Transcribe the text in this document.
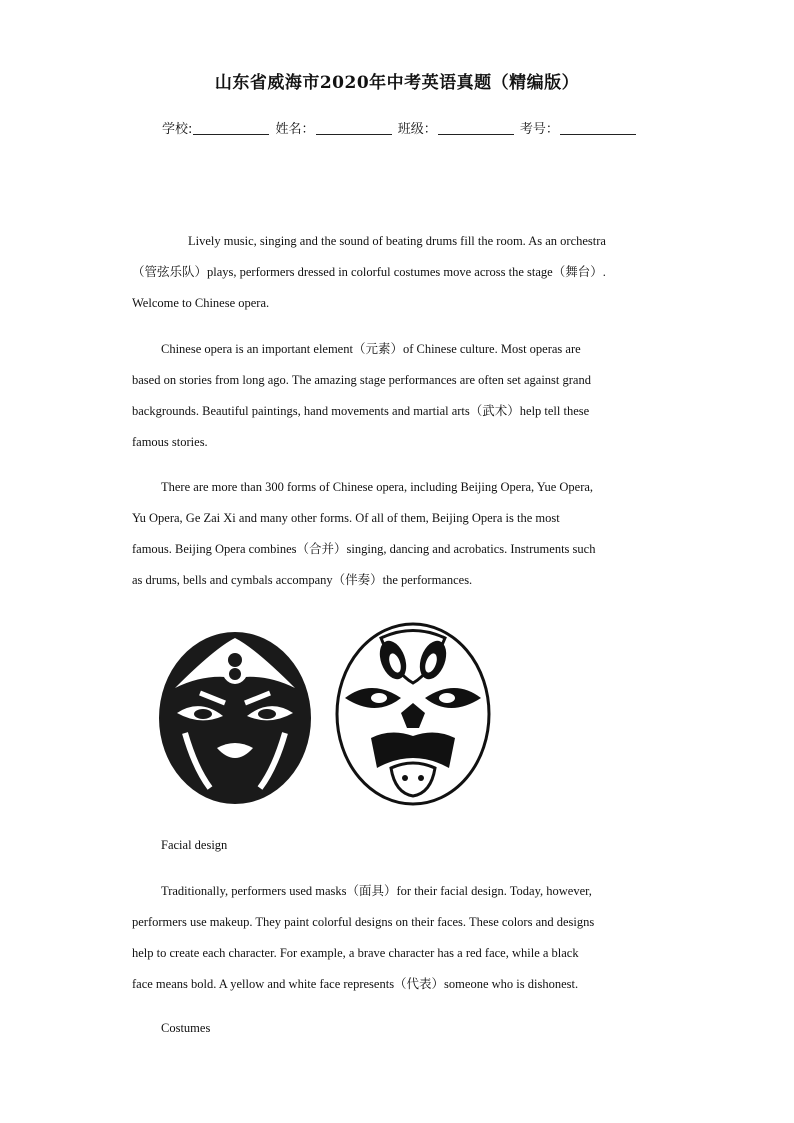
山东省威海市2020年中考英语真题（精编版）
学校:	姓名：	班级：	考号：
Lively music, singing and the sound of beating drums fill the room. As an orchestra
（管弦乐队）plays, performers dressed in colorful costumes move across the stage（舞台）.
Welcome to Chinese opera.
Chinese opera is an important element（元素）of Chinese culture. Most operas are
based on stories from long ago. The amazing stage performances are often set against grand
backgrounds. Beautiful paintings, hand movements and martial arts（武术）help tell these
famous stories.
There are more than 300 forms of Chinese opera, including Beijing Opera, Yue Opera,
Yu Opera, Ge Zai Xi and many other forms. Of all of them, Beijing Opera is the most
famous. Beijing Opera combines（合并）singing, dancing and acrobatics. Instruments such
as drums, bells and cymbals accompany（伴奏）the performances.
Facial design
Traditionally, performers used masks（面具）for their facial design. Today, however,
performers use makeup. They paint colorful designs on their faces. These colors and designs
help to create each character. For example, a brave character has a red face, while a black
face means bold. A yellow and white face represents（代表）someone who is dishonest.
Costumes
